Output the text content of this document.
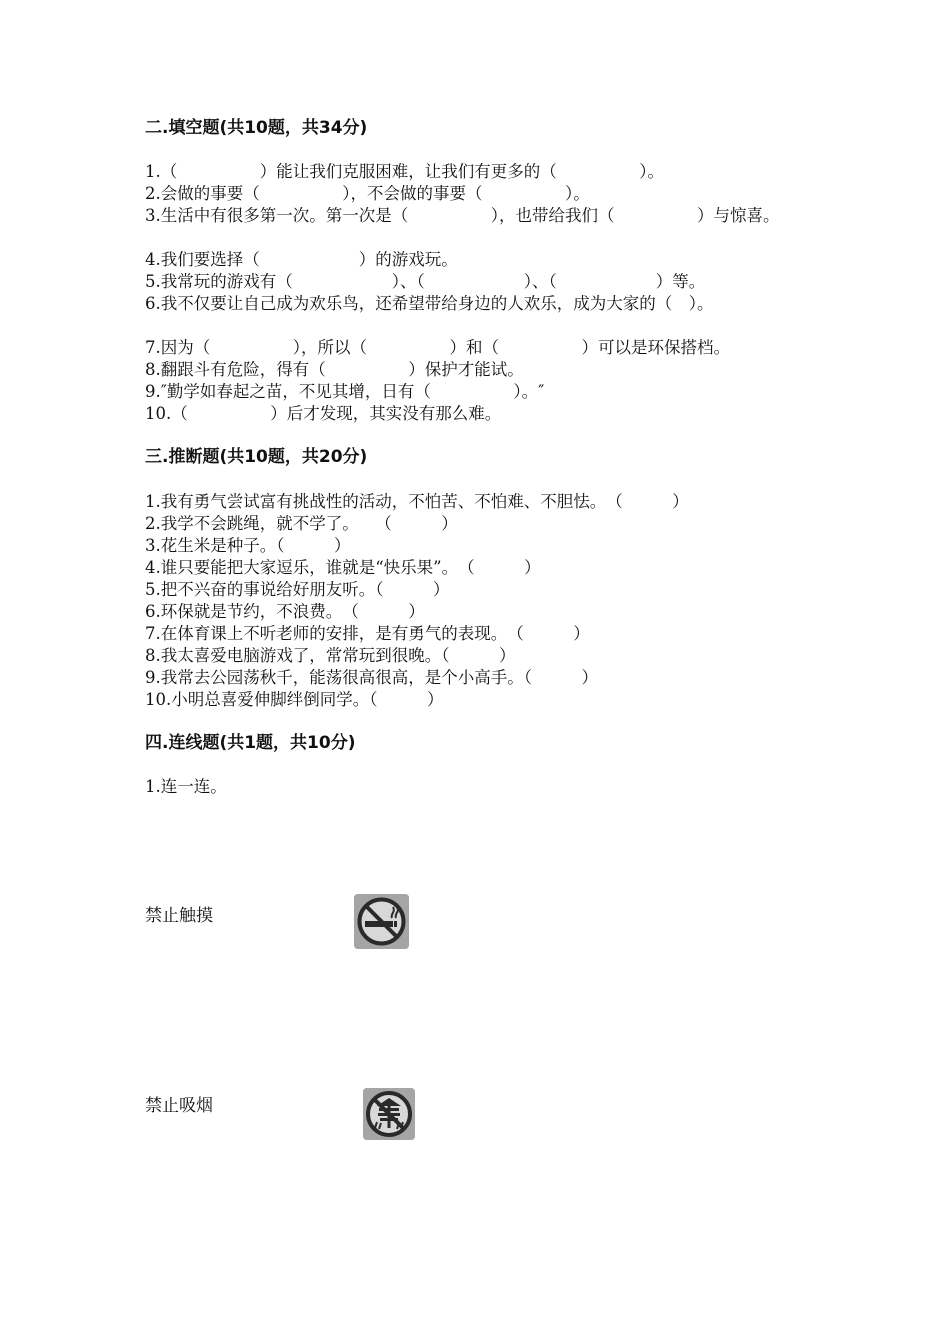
二.填空题(共10题，共34分)
1.（　　　　　）能让我们克服困难，让我们有更多的（　　　　　）。
2.会做的事要（　　　　　），不会做的事要（　　　　　）。
3.生活中有很多第一次。第一次是（　　　　　），也带给我们（　　　　　）与惊喜。
4.我们要选择（　　　　　　）的游戏玩。
5.我常玩的游戏有（　　　　　　）、（　　　　　　）、（　　　　　　）等。
6.我不仅要让自己成为欢乐鸟，还希望带给身边的人欢乐，成为大家的（　）。
7.因为（　　　　　），所以（　　　　　）和（　　　　　）可以是环保搭档。
8.翻跟斗有危险，得有（　　　　　）保护才能试。
9.″勤学如春起之苗，不见其增，日有（　　　　　）。″
10.（　　　　　）后才发现，其实没有那么难。
三.推断题(共10题，共20分)
1.我有勇气尝试富有挑战性的活动，不怕苦、不怕难、不胆怯。　（　　　）
2.我学不会跳绳，就不学了。　　（　　　）
3.花生米是种子。（　　　）
4.谁只要能把大家逗乐，谁就是“快乐果”。　（　　　）
5.把不兴奋的事说给好朋友听。（　　　）
6.环保就是节约，不浪费。　（　　　）
7.在体育课上不听老师的安排，是有勇气的表现。　（　　　）
8.我太喜爱电脑游戏了，常常玩到很晚。（　　　）
9.我常去公园荡秋千，能荡很高很高，是个小高手。（　　　）
10.小明总喜爱伸脚绊倒同学。（　　　）
四.连线题(共1题，共10分)
1.连一连。
禁止触摸
禁止吸烟
